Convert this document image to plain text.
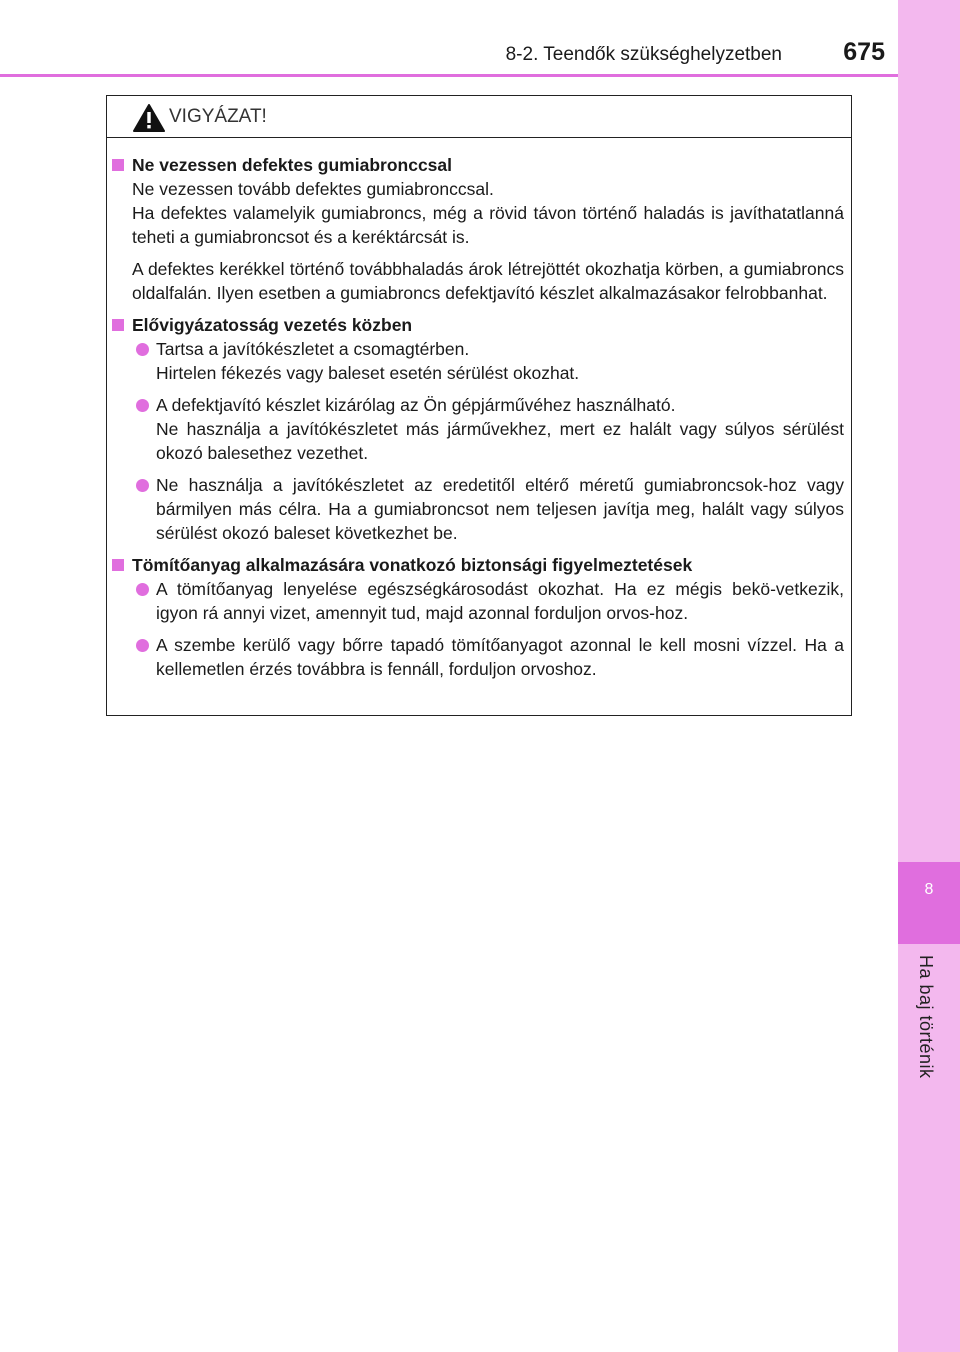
8
Ha baj történik
8-2. Teendők szükséghelyzetben	675
VIGYÁZAT!
Ne vezessen defektes gumiabronccsal

Ne vezessen tovább defektes gumiabronccsal.
Ha defektes valamelyik gumiabroncs, még a rövid távon történő haladás is javíthatatlanná teheti a gumiabroncsot és a keréktárcsát is.

A defektes kerékkel történő továbbhaladás árok létrejöttét okozhatja körben, a gumiabroncs oldalfalán. Ilyen esetben a gumiabroncs defektjavító készlet alkalmazásakor felrobbanhat.

Elővigyázatosság vezetés közben

Tartsa a javítókészletet a csomagtérben.
Hirtelen fékezés vagy baleset esetén sérülést okozhat.

A defektjavító készlet kizárólag az Ön gépjárművéhez használható.
Ne használja a javítókészletet más járművekhez, mert ez halált vagy súlyos sérülést okozó balesethez vezethet.

Ne használja a javítókészletet az eredetitől eltérő méretű gumiabroncsok-hoz vagy bármilyen más célra. Ha a gumiabroncsot nem teljesen javítja meg, halált vagy súlyos sérülést okozó baleset következhet be.

Tömítőanyag alkalmazására vonatkozó biztonsági figyelmeztetések

A tömítőanyag lenyelése egészségkárosodást okozhat. Ha ez mégis bekö-vetkezik, igyon rá annyi vizet, amennyit tud, majd azonnal forduljon orvos-hoz.

A szembe kerülő vagy bőrre tapadó tömítőanyagot azonnal le kell mosni vízzel. Ha a kellemetlen érzés továbbra is fennáll, forduljon orvoshoz.
